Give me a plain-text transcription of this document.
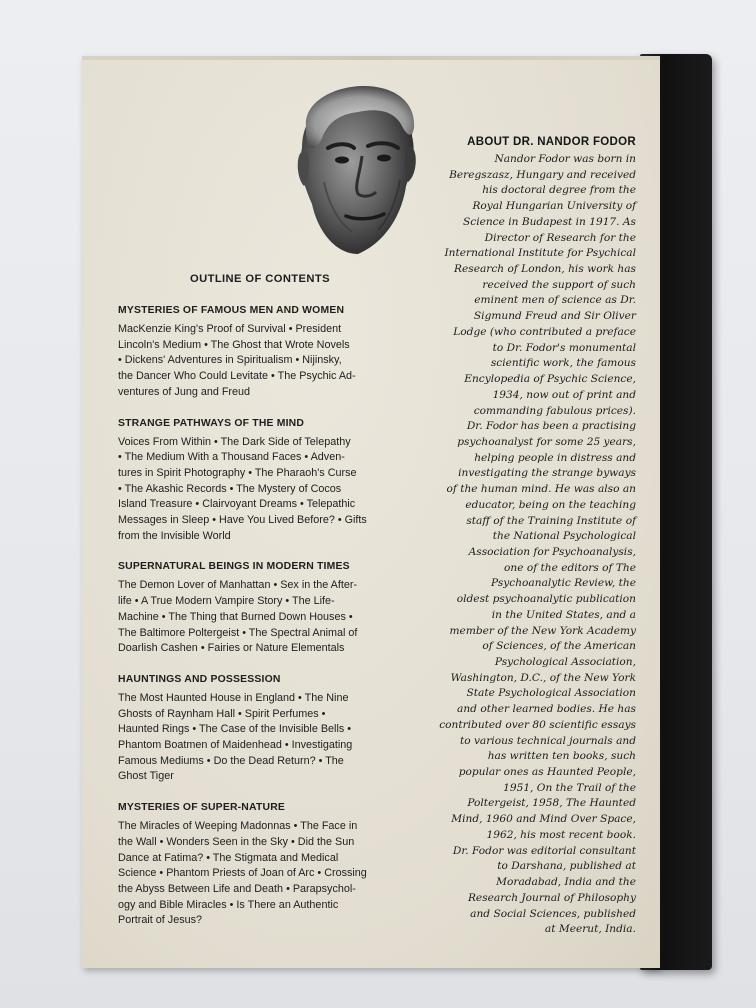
ABOUT DR. NANDOR FODOR
Nandor Fodor was born in
Beregszasz, Hungary and received
his doctoral degree from the
Royal Hungarian University of
Science in Budapest in 1917. As
Director of Research for the
International Institute for Psychical
Research of London, his work has
received the support of such
eminent men of science as Dr.
Sigmund Freud and Sir Oliver
Lodge (who contributed a preface
to Dr. Fodor's monumental
scientific work, the famous
Encylopedia of Psychic Science,
1934, now out of print and
commanding fabulous prices).
Dr. Fodor has been a practising
psychoanalyst for some 25 years,
helping people in distress and
investigating the strange byways
of the human mind. He was also an
educator, being on the teaching
staff of the Training Institute of
the National Psychological
Association for Psychoanalysis,
one of the editors of The
Psychoanalytic Review, the
oldest psychoanalytic publication
in the United States, and a
member of the New York Academy
of Sciences, of the American
Psychological Association,
Washington, D.C., of the New York
State Psychological Association
and other learned bodies. He has
contributed over 80 scientific essays
to various technical journals and
has written ten books, such
popular ones as Haunted People,
1951, On the Trail of the
Poltergeist, 1958, The Haunted
Mind, 1960 and Mind Over Space,
1962, his most recent book.
Dr. Fodor was editorial consultant
to Darshana, published at
Moradabad, India and the
Research Journal of Philosophy
and Social Sciences, published
at Meerut, India.
OUTLINE OF CONTENTS
MYSTERIES OF FAMOUS MEN AND WOMEN
MacKenzie King's Proof of Survival • President
Lincoln's Medium • The Ghost that Wrote Novels
• Dickens' Adventures in Spiritualism • Nijinsky,
the Dancer Who Could Levitate • The Psychic Ad-
ventures of Jung and Freud
STRANGE PATHWAYS OF THE MIND
Voices From Within • The Dark Side of Telepathy
• The Medium With a Thousand Faces • Adven-
tures in Spirit Photography • The Pharaoh's Curse
• The Akashic Records • The Mystery of Cocos
Island Treasure • Clairvoyant Dreams • Telepathic
Messages in Sleep • Have You Lived Before? • Gifts
from the Invisible World
SUPERNATURAL BEINGS IN MODERN TIMES
The Demon Lover of Manhattan • Sex in the After-
life • A True Modern Vampire Story • The Life-
Machine • The Thing that Burned Down Houses •
The Baltimore Poltergeist • The Spectral Animal of
Doarlish Cashen • Fairies or Nature Elementals
HAUNTINGS AND POSSESSION
The Most Haunted House in England • The Nine
Ghosts of Raynham Hall • Spirit Perfumes •
Haunted Rings • The Case of the Invisible Bells •
Phantom Boatmen of Maidenhead • Investigating
Famous Mediums • Do the Dead Return? • The
Ghost Tiger
MYSTERIES OF SUPER-NATURE
The Miracles of Weeping Madonnas • The Face in
the Wall • Wonders Seen in the Sky • Did the Sun
Dance at Fatima? • The Stigmata and Medical
Science • Phantom Priests of Joan of Arc • Crossing
the Abyss Between Life and Death • Parapsychol-
ogy and Bible Miracles • Is There an Authentic
Portrait of Jesus?
